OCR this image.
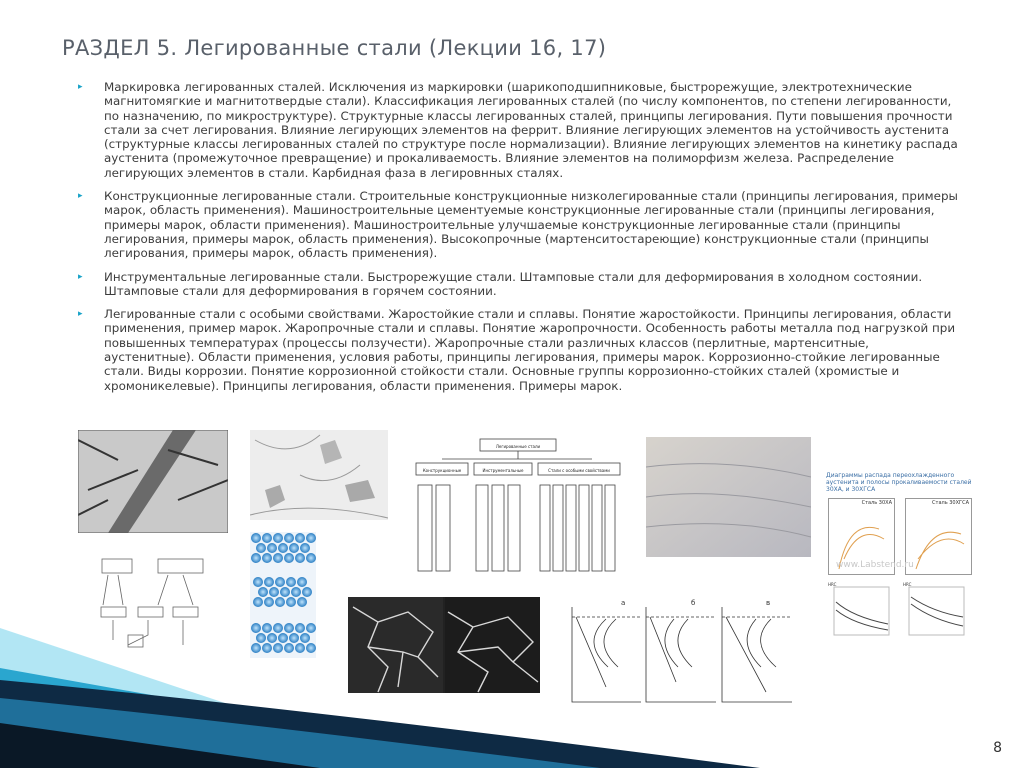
РАЗДЕЛ 5. Легированные стали (Лекции 16, 17)
▸ Маркировка легированных сталей. Исключения из маркировки (шарикоподшипниковые, быстрорежущие, электротехнические магнитомягкие и магнитотвердые стали). Классификация легированных сталей (по числу компонентов, по степени легированности, по назначению, по микроструктуре). Структурные классы легированных сталей, принципы легирования. Пути повышения прочности стали за счет легирования. Влияние легирующих элементов на феррит. Влияние легирующих элементов на устойчивость аустенита (структурные классы легированных сталей по структуре после нормализации). Влияние легирующих элементов на кинетику распада аустенита (промежуточное превращение) и прокаливаемость. Влияние элементов на полиморфизм железа. Распределение легирующих элементов в стали. Карбидная фаза в легировнных сталях.
▸ Конструкционные легированные стали. Строительные конструкционные низколегированные стали (принципы легирования, примеры марок, область применения). Машиностроительные цементуемые конструкционные легированные стали (принципы легирования, примеры марок, области применения). Машиностроительные улучшаемые конструкционные легированные стали (принципы легирования, примеры марок, область применения). Высокопрочные (мартенситостареющие) конструкционные стали (принципы легирования, примеры марок, область применения).
▸ Инструментальные легированные стали. Быстрорежущие стали. Штамповые стали для деформирования в холодном состоянии. Штамповые стали для деформирования в горячем состоянии.
▸ Легированные стали с особыми свойствами. Жаростойкие стали и сплавы. Понятие жаростойкости. Принципы легирования, области применения, пример марок. Жаропрочные стали и сплавы. Понятие жаропрочности. Особенность работы металла под нагрузкой при повышенных температурах (процессы ползучести). Жаропрочные стали различных классов (перлитные, мартенситные, аустенитные). Области применения, условия работы, принципы легирования, примеры марок. Коррозионно-стойкие легированные стали. Виды коррозии. Понятие коррозионной стойкости стали. Основные группы коррозионно-стойких сталей (хромистые и хромоникелевые). Принципы легирования, области применения. Примеры марок.
Легированные стали
Конструкционные	Инструментальные	Стали с особыми свойствами
Диаграммы распада переохлажденного аустенита и полосы прокаливаемости сталей 30ХА, и 30ХГСА
Сталь 30ХА	Сталь 30ХГСА
www.Labstend.ru
HRC	HRC
а	б	в
8
